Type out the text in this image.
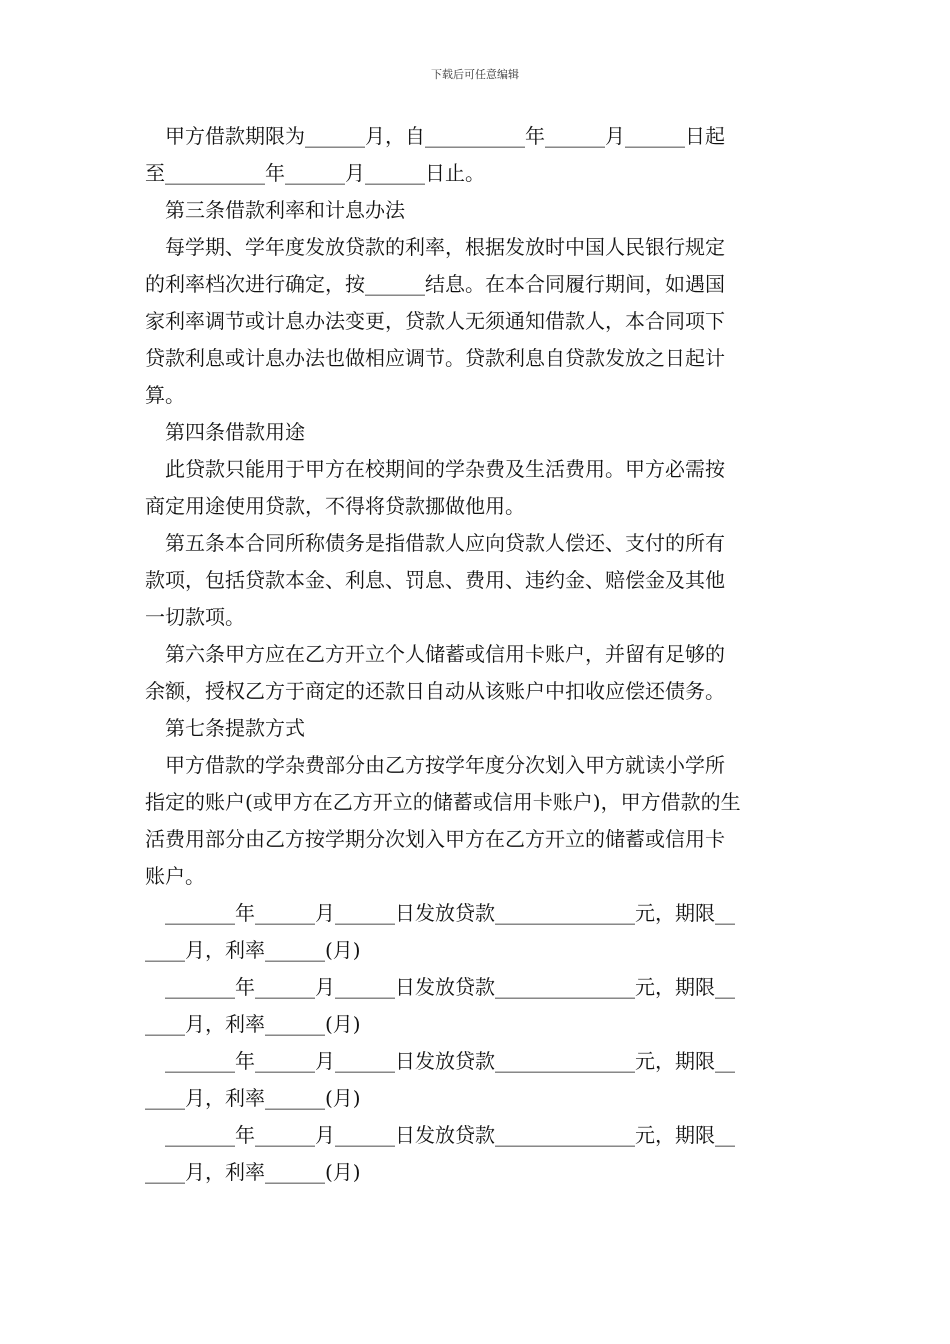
下载后可任意编辑

甲方借款期限为______月，自__________年______月______日起

至__________年______月______日止。

第三条借款利率和计息办法

每学期、学年度发放贷款的利率，根据发放时中国人民银行规定

的利率档次进行确定，按______结息。在本合同履行期间，如遇国

家利率调节或计息办法变更，贷款人无须通知借款人，本合同项下

贷款利息或计息办法也做相应调节。贷款利息自贷款发放之日起计

算。

第四条借款用途

此贷款只能用于甲方在校期间的学杂费及生活费用。甲方必需按

商定用途使用贷款，不得将贷款挪做他用。

第五条本合同所称债务是指借款人应向贷款人偿还、支付的所有

款项，包括贷款本金、利息、罚息、费用、违约金、赔偿金及其他

一切款项。

第六条甲方应在乙方开立个人储蓄或信用卡账户，并留有足够的

余额，授权乙方于商定的还款日自动从该账户中扣收应偿还债务。

第七条提款方式

甲方借款的学杂费部分由乙方按学年度分次划入甲方就读小学所

指定的账户(或甲方在乙方开立的储蓄或信用卡账户)，甲方借款的生

活费用部分由乙方按学期分次划入甲方在乙方开立的储蓄或信用卡

账户。

_______年______月______日发放贷款______________元，期限__

____月，利率______(月)

_______年______月______日发放贷款______________元，期限__

____月，利率______(月)

_______年______月______日发放贷款______________元，期限__

____月，利率______(月)

_______年______月______日发放贷款______________元，期限__

____月，利率______(月)
